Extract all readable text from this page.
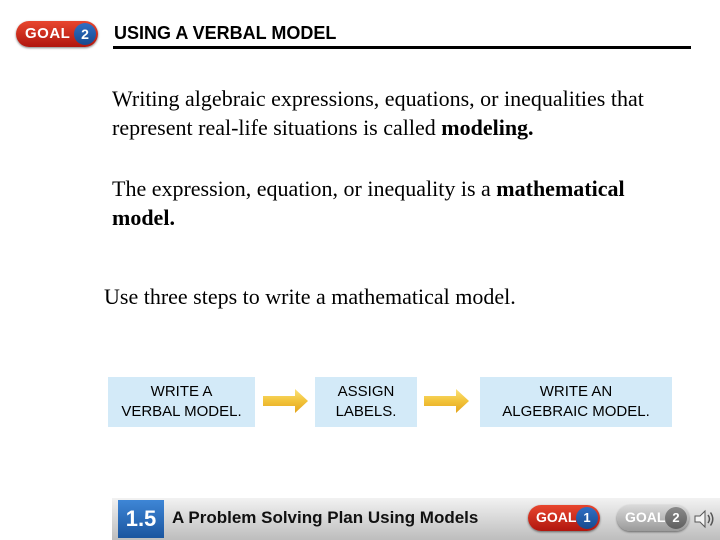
GOAL 2	USING A VERBAL MODEL
Writing algebraic expressions, equations, or inequalities that represent real-life situations is called modeling.
The expression, equation, or inequality is a mathematical model.
Use three steps to write a mathematical model.
WRITE A
VERBAL MODEL.
ASSIGN
LABELS.
WRITE AN
ALGEBRAIC MODEL.
1.5 A Problem Solving Plan Using Models	GOAL 1	GOAL 2
